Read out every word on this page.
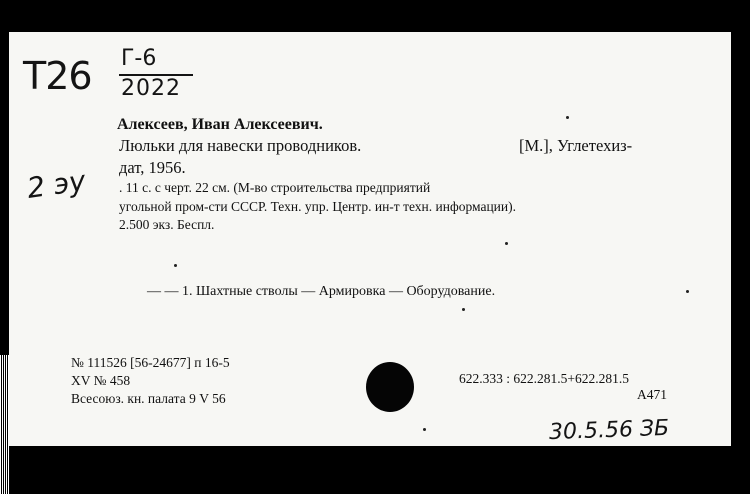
T26 Г-6
2022
2 эу
Алексеев, Иван Алексеевич.
Люльки для навески проводников.	[М.], Углетехиз-
дат, 1956.
. 11 с. с черт. 22 см. (М-во строительства предприятий
угольной пром-сти СССР. Техн. упр. Центр. ин-т техн. информации).
2.500 экз. Беспл.
— — 1. Шахтные стволы — Армировка — Оборудование.
№ 111526 [56-24677] п 16-5
XV № 458
Всесоюз. кн. палата 9 V 56
622.333 : 622.281.5+622.281.5
А471
30.5.56 ЗБ
